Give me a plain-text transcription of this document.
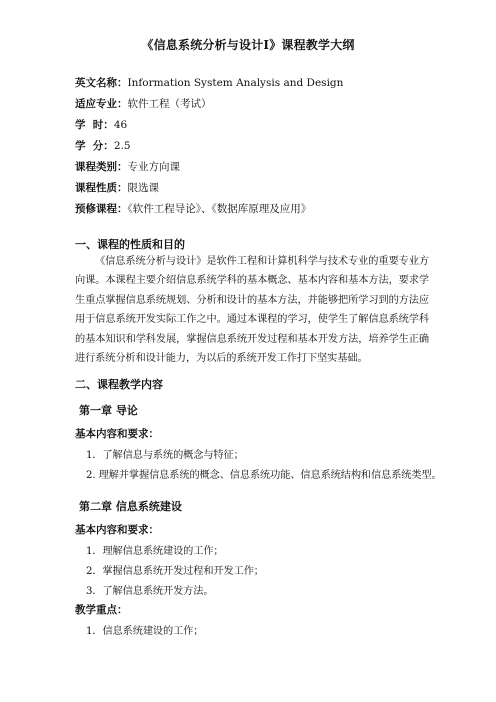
《信息系统分析与设计Ⅰ》课程教学大纲
英文名称：Information System Analysis and Design
适应专业：软件工程（考试）
学  时：46
学  分：2.5
课程类别：专业方向课
课程性质：限选课
预修课程：《软件工程导论》、《数据库原理及应用》
一、课程的性质和目的
《信息系统分析与设计》是软件工程和计算机科学与技术专业的重要专业方向课。本课程主要介绍信息系统学科的基本概念、基本内容和基本方法，要求学生重点掌握信息系统规划、分析和设计的基本方法，并能够把所学习到的方法应用于信息系统开发实际工作之中。通过本课程的学习，使学生了解信息系统学科的基本知识和学科发展，掌握信息系统开发过程和基本开发方法，培养学生正确进行系统分析和设计能力，为以后的系统开发工作打下坚实基础。
二、课程教学内容
第一章 导论
基本内容和要求：
1．了解信息与系统的概念与特征；
2. 理解并掌握信息系统的概念、信息系统功能、信息系统结构和信息系统类型。
第二章 信息系统建设
基本内容和要求：
1．理解信息系统建设的工作；
2．掌握信息系统开发过程和开发工作；
3．了解信息系统开发方法。
教学重点：
1．信息系统建设的工作；
